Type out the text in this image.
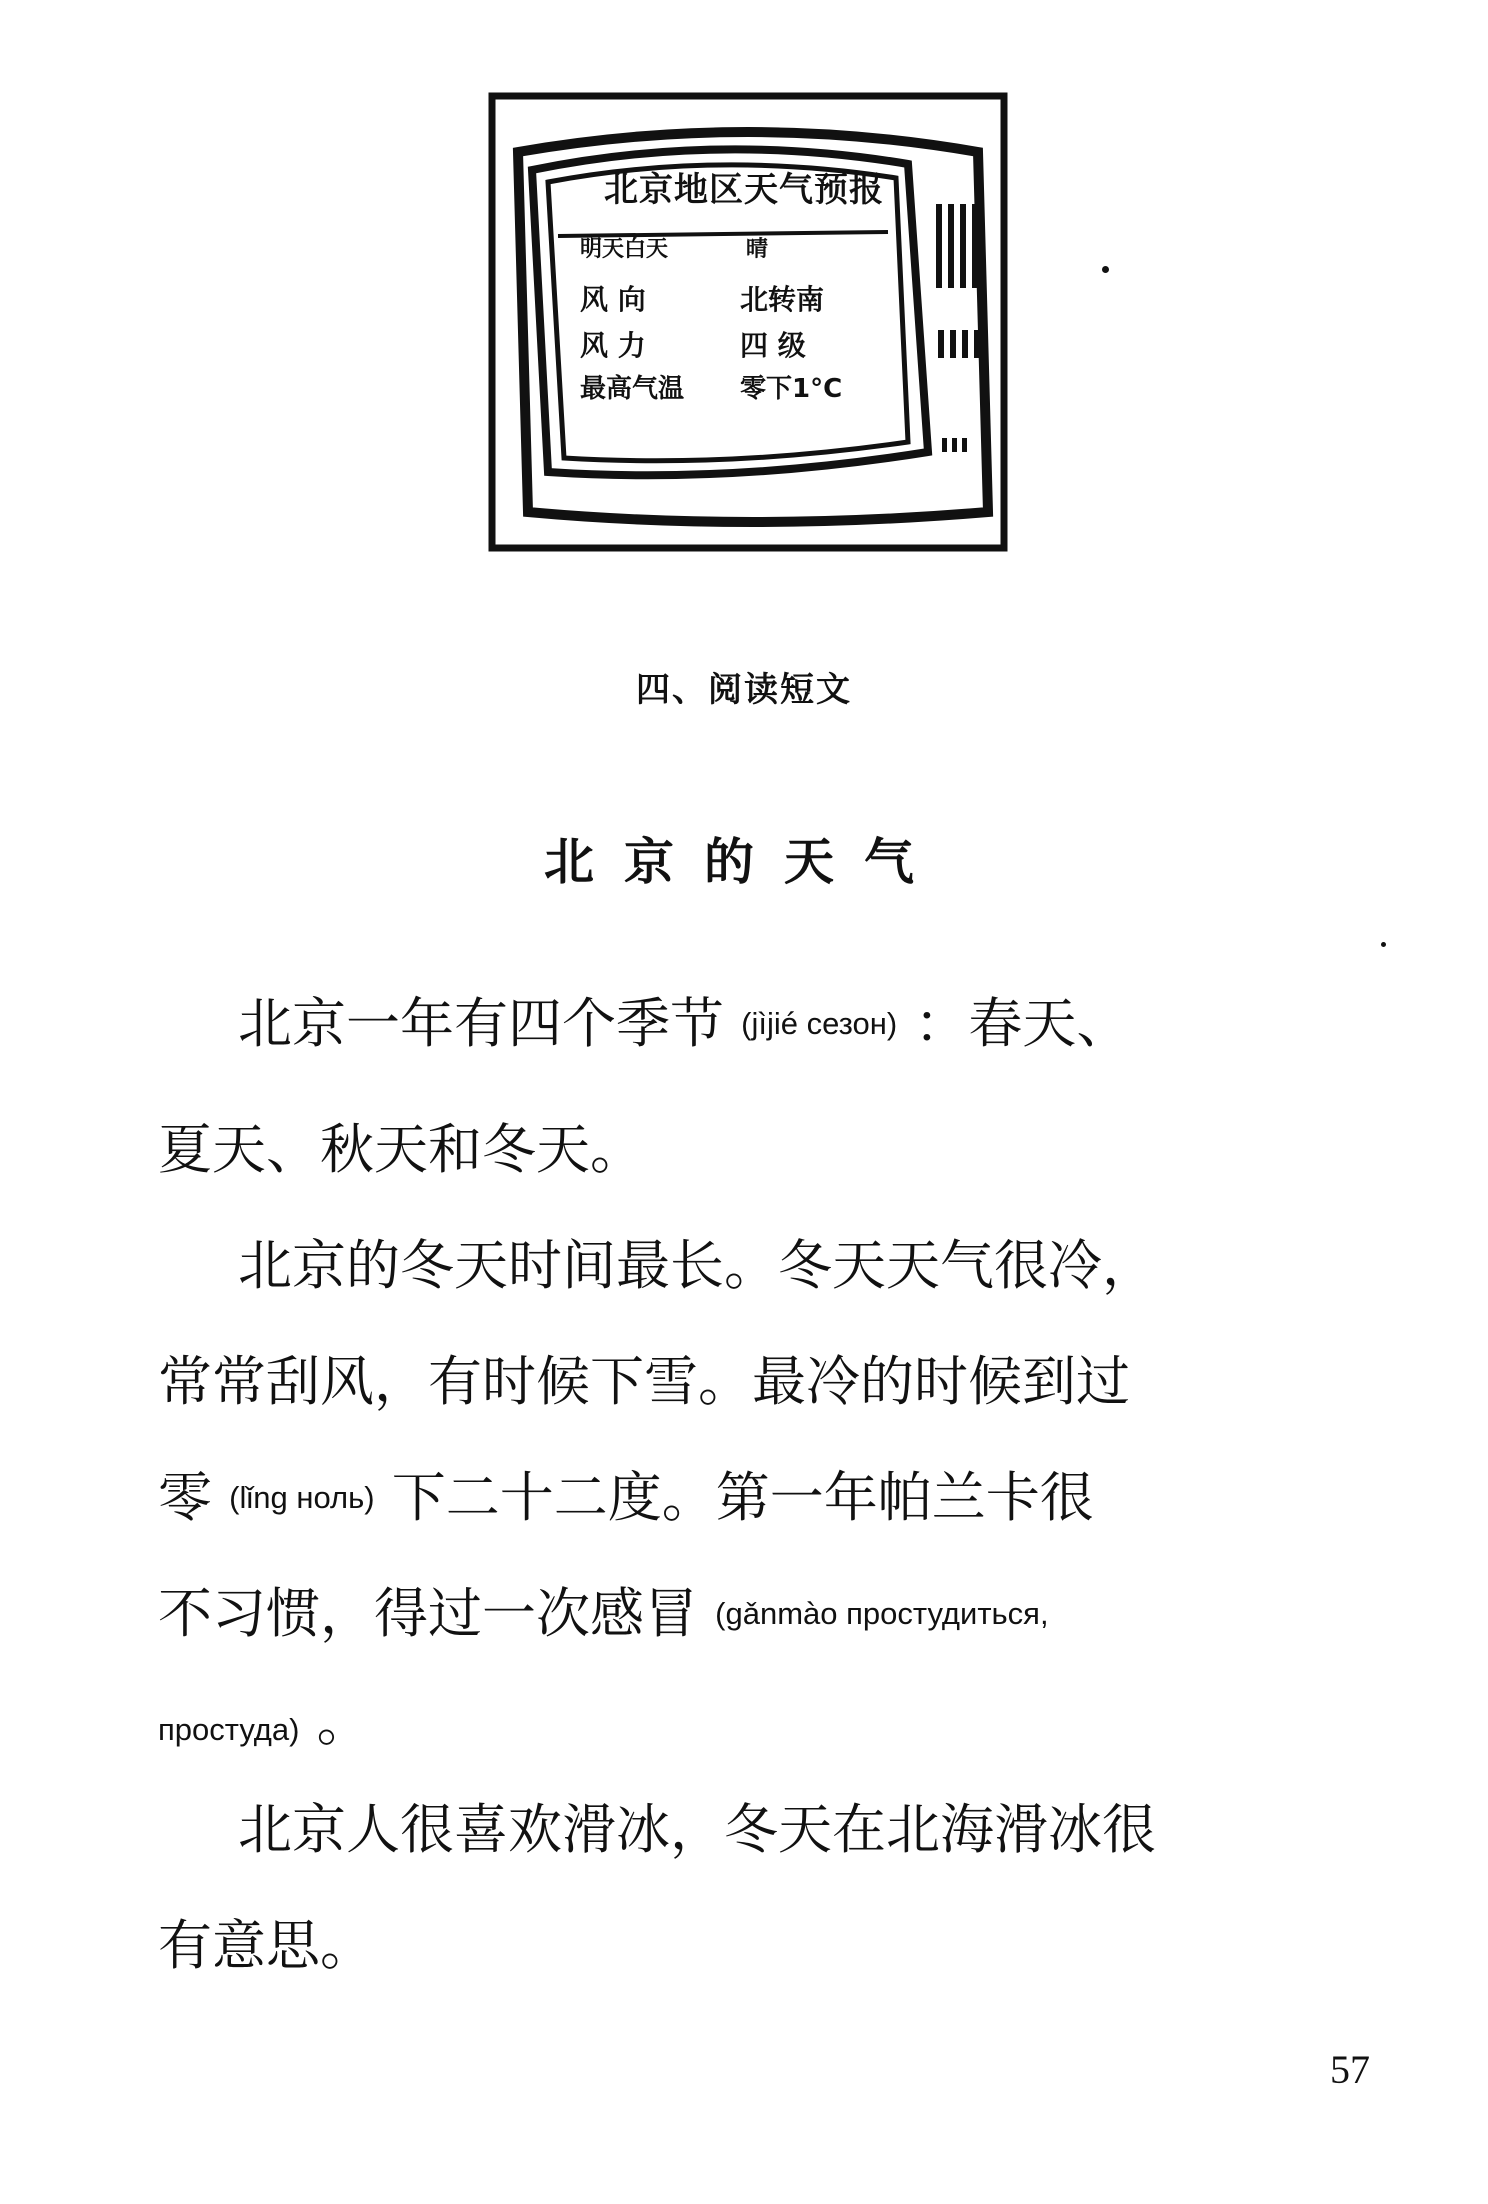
北京地区天气预报
明天白天	晴
风 向	北转南
风 力	四 级
最高气温 零下1°C
四、阅读短文
北京的天气
北京一年有四个季节 (jìjié сезон) ：春天、
夏天、秋天和冬天。
北京的冬天时间最长。冬天天气很冷，
常常刮风，有时候下雪。最冷的时候到过
零 (lǐng ноль) 下二十二度。第一年帕兰卡很
不习惯，得过一次感冒 (gǎnmào простудиться,
простуда) 。
北京人很喜欢滑冰，冬天在北海滑冰很
有意思。
57
